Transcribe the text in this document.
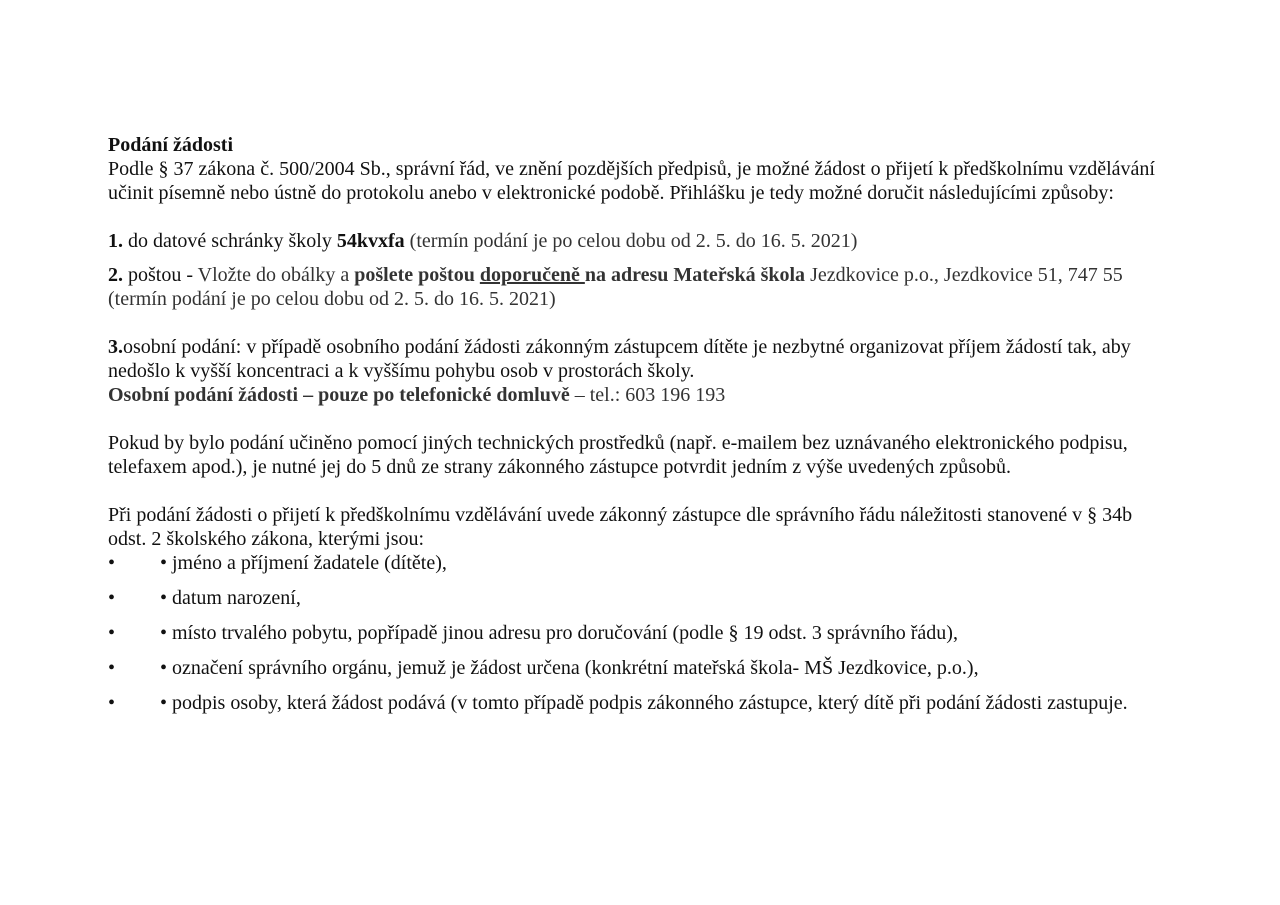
Podání žádosti

Podle § 37 zákona č. 500/2004 Sb., správní řád, ve znění pozdějších předpisů, je možné žádost o přijetí k předškolnímu vzdělávání učinit písemně nebo ústně do protokolu anebo v elektronické podobě. Přihlášku je tedy možné doručit následujícími způsoby:

1. do datové schránky školy 54kvxfa (termín podání je po celou dobu od 2. 5. do 16. 5. 2021)

2. poštou - Vložte do obálky a pošlete poštou doporučeně na adresu Mateřská škola Jezdkovice p.o., Jezdkovice 51, 747 55 (termín podání je po celou dobu od 2. 5. do 16. 5. 2021)

3.osobní podání: v případě osobního podání žádosti zákonným zástupcem dítěte je nezbytné organizovat příjem žádostí tak, aby nedošlo k vyšší koncentraci a k vyššímu pohybu osob v prostorách školy.

Osobní podání žádosti – pouze po telefonické domluvě – tel.: 603 196 193

Pokud by bylo podání učiněno pomocí jiných technických prostředků (např. e-mailem bez uznávaného elektronického podpisu, telefaxem apod.), je nutné jej do 5 dnů ze strany zákonného zástupce potvrdit jedním z výše uvedených způsobů.

Při podání žádosti o přijetí k předškolnímu vzdělávání uvede zákonný zástupce dle správního řádu náležitosti stanovené v § 34b odst. 2 školského zákona, kterými jsou:

• • jméno a příjmení žadatele (dítěte),

• • datum narození,

• • místo trvalého pobytu, popřípadě jinou adresu pro doručování (podle § 19 odst. 3 správního řádu),

• • označení správního orgánu, jemuž je žádost určena (konkrétní mateřská škola- MŠ Jezdkovice, p.o.),

• • podpis osoby, která žádost podává (v tomto případě podpis zákonného zástupce, který dítě při podání žádosti zastupuje.
